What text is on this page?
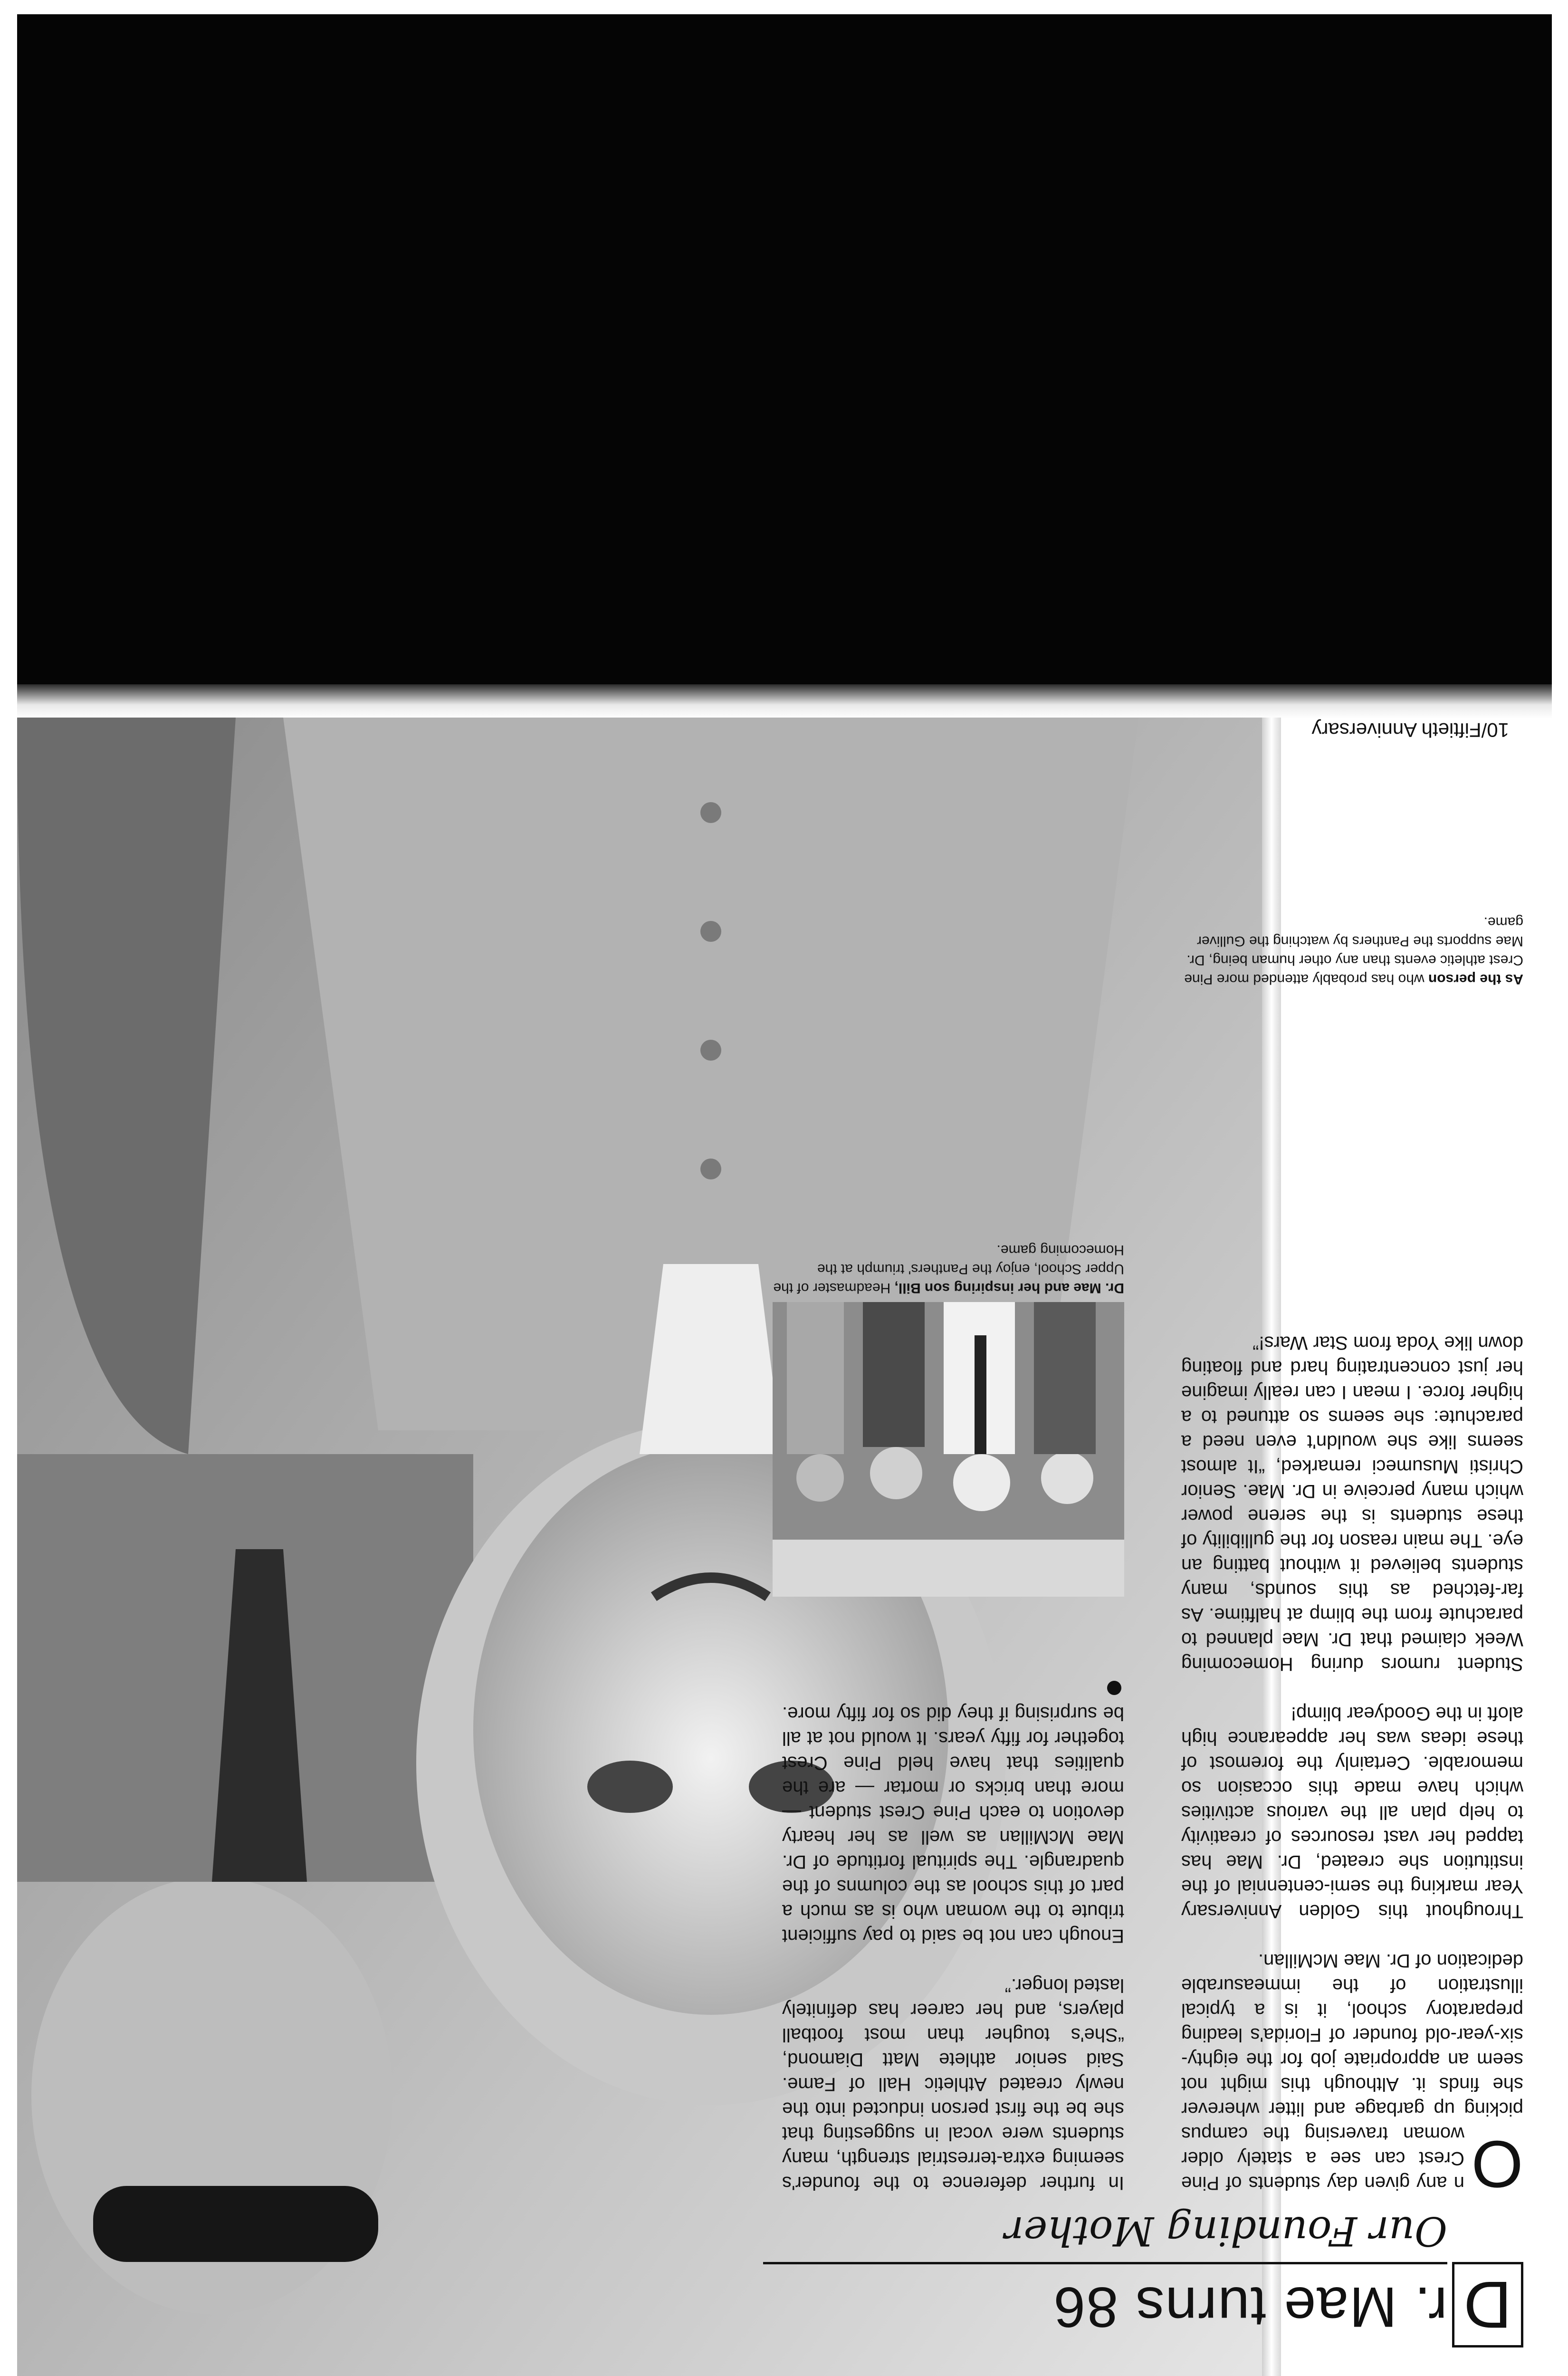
D
r. Mae turns 86
Our Founding Mother

O
n any given day students of Pine Crest can see a stately older woman traversing the campus picking up garbage and litter wherever she finds it. Although this might not seem an appropriate job for the eighty-six-year-old founder of Florida's leading preparatory school, it is a typical illustration of the immeasurable dedication of Dr. Mae McMillan.

Throughout this Golden Anniversary Year marking the semi-centennial of the institution she created, Dr. Mae has tapped her vast resources of creativity to help plan all the various activities which have made this occasion so memorable. Certainly the foremost of these ideas was her appearance high aloft in the Goodyear blimp!

Student rumors during Homecoming Week claimed that Dr. Mae planned to parachute from the blimp at halftime. As far-fetched as this sounds, many students believed it without batting an eye. The main reason for the gullibility of these students is the serene power which many perceive in Dr. Mae. Senior Christi Musumeci remarked, “It almost seems like she wouldn't even need a parachute: she seems so attuned to a higher force. I mean I can really imagine her just concentrating hard and floating down like Yoda from Star Wars!”

In further deference to the founder's seeming extra-terrestrial strength, many students were vocal in suggesting that she be the first person inducted into the newly created Athletic Hall of Fame. Said senior athlete Matt Diamond, “She's tougher than most football players, and her career has definitely lasted longer.”

Enough can not be said to pay sufficient tribute to the woman who is as much a part of this school as the columns of the quadrangle. The spiritual fortitude of Dr. Mae McMillan as well as her hearty devotion to each Pine Crest student — more than bricks or mortar — are the qualities that have held Pine Crest together for fifty years. It would not at all be surprising if they did so for fifty more.

Dr. Mae and her inspiring son Bill, Headmaster of the Upper School, enjoy the Panthers' triumph at the Homecoming game.
As the person who has probably attended more Pine Crest athletic events than any other human being, Dr. Mae supports the Panthers by watching the Gulliver game.
10/Fiftieth Anniversary
